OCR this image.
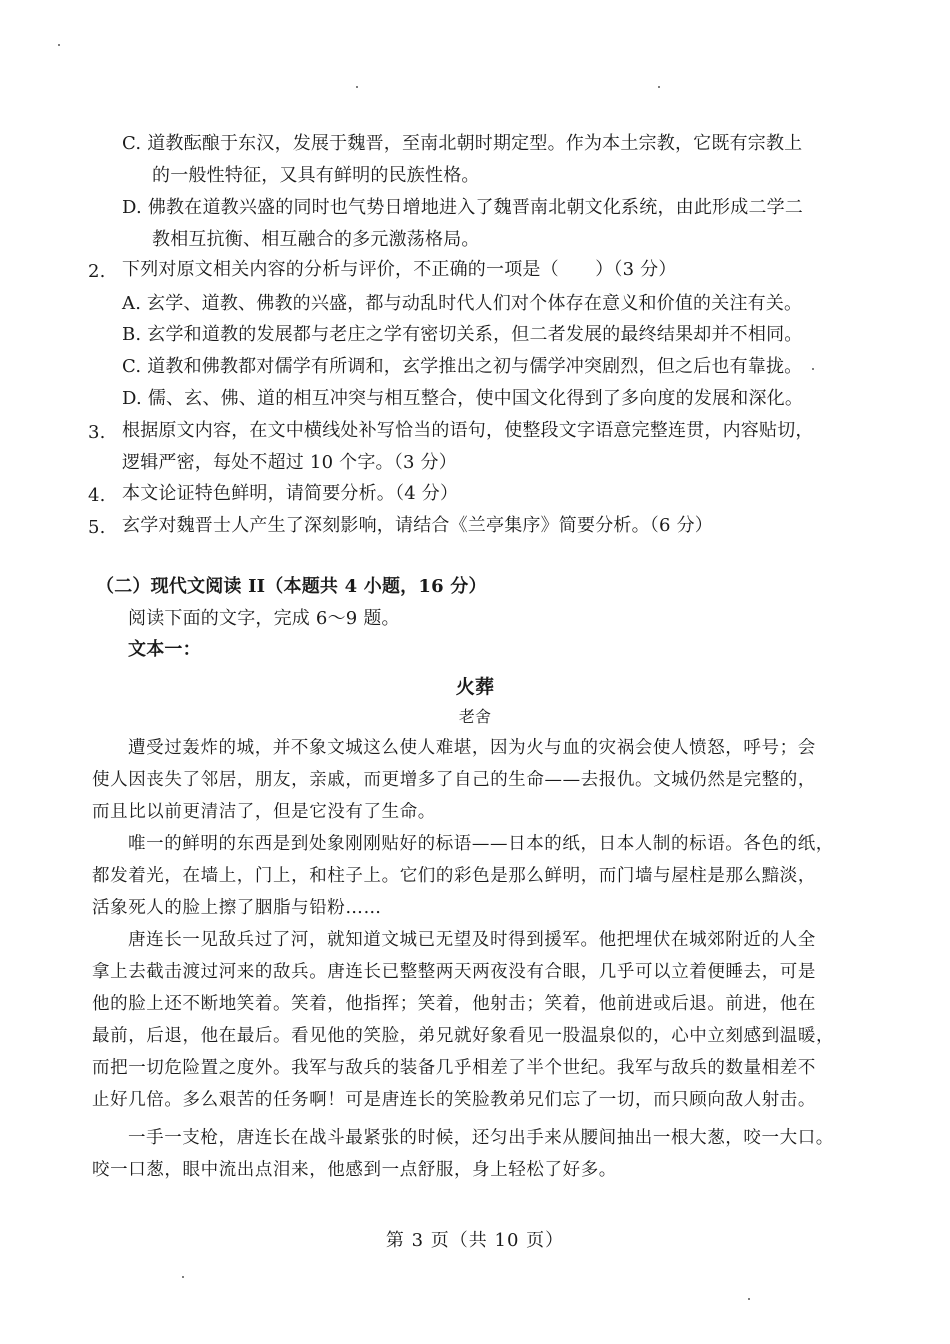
C. 道教酝酿于东汉，发展于魏晋，至南北朝时期定型。作为本土宗教，它既有宗教上
的一般性特征，又具有鲜明的民族性格。
D. 佛教在道教兴盛的同时也气势日增地进入了魏晋南北朝文化系统，由此形成二学二
教相互抗衡、相互融合的多元激荡格局。
2. 下列对原文相关内容的分析与评价，不正确的一项是（　　）（3 分）
A. 玄学、道教、佛教的兴盛，都与动乱时代人们对个体存在意义和价值的关注有关。
B. 玄学和道教的发展都与老庄之学有密切关系，但二者发展的最终结果却并不相同。
C. 道教和佛教都对儒学有所调和，玄学推出之初与儒学冲突剧烈，但之后也有靠拢。
D. 儒、玄、佛、道的相互冲突与相互整合，使中国文化得到了多向度的发展和深化。
3. 根据原文内容，在文中横线处补写恰当的语句，使整段文字语意完整连贯，内容贴切，
逻辑严密，每处不超过 10 个字。（3 分）
4. 本文论证特色鲜明，请简要分析。（4 分）
5. 玄学对魏晋士人产生了深刻影响，请结合《兰亭集序》简要分析。（6 分）
（二）现代文阅读 II（本题共 4 小题，16 分）
阅读下面的文字，完成 6～9 题。
文本一：
火葬
老舍
遭受过轰炸的城，并不象文城这么使人难堪，因为火与血的灾祸会使人愤怒，呼号；会
使人因丧失了邻居，朋友，亲戚，而更增多了自己的生命——去报仇。文城仍然是完整的，
而且比以前更清洁了，但是它没有了生命。
唯一的鲜明的东西是到处象刚刚贴好的标语——日本的纸，日本人制的标语。各色的纸，
都发着光，在墙上，门上，和柱子上。它们的彩色是那么鲜明，而门墙与屋柱是那么黯淡，
活象死人的脸上擦了胭脂与铅粉……
唐连长一见敌兵过了河，就知道文城已无望及时得到援军。他把埋伏在城郊附近的人全
拿上去截击渡过河来的敌兵。唐连长已整整两天两夜没有合眼，几乎可以立着便睡去，可是
他的脸上还不断地笑着。笑着，他指挥；笑着，他射击；笑着，他前进或后退。前进，他在
最前，后退，他在最后。看见他的笑脸，弟兄就好象看见一股温泉似的，心中立刻感到温暖，
而把一切危险置之度外。我军与敌兵的装备几乎相差了半个世纪。我军与敌兵的数量相差不
止好几倍。多么艰苦的任务啊！可是唐连长的笑脸教弟兄们忘了一切，而只顾向敌人射击。
一手一支枪，唐连长在战斗最紧张的时候，还匀出手来从腰间抽出一根大葱，咬一大口。
咬一口葱，眼中流出点泪来，他感到一点舒服，身上轻松了好多。
第 3 页（共 10 页）
